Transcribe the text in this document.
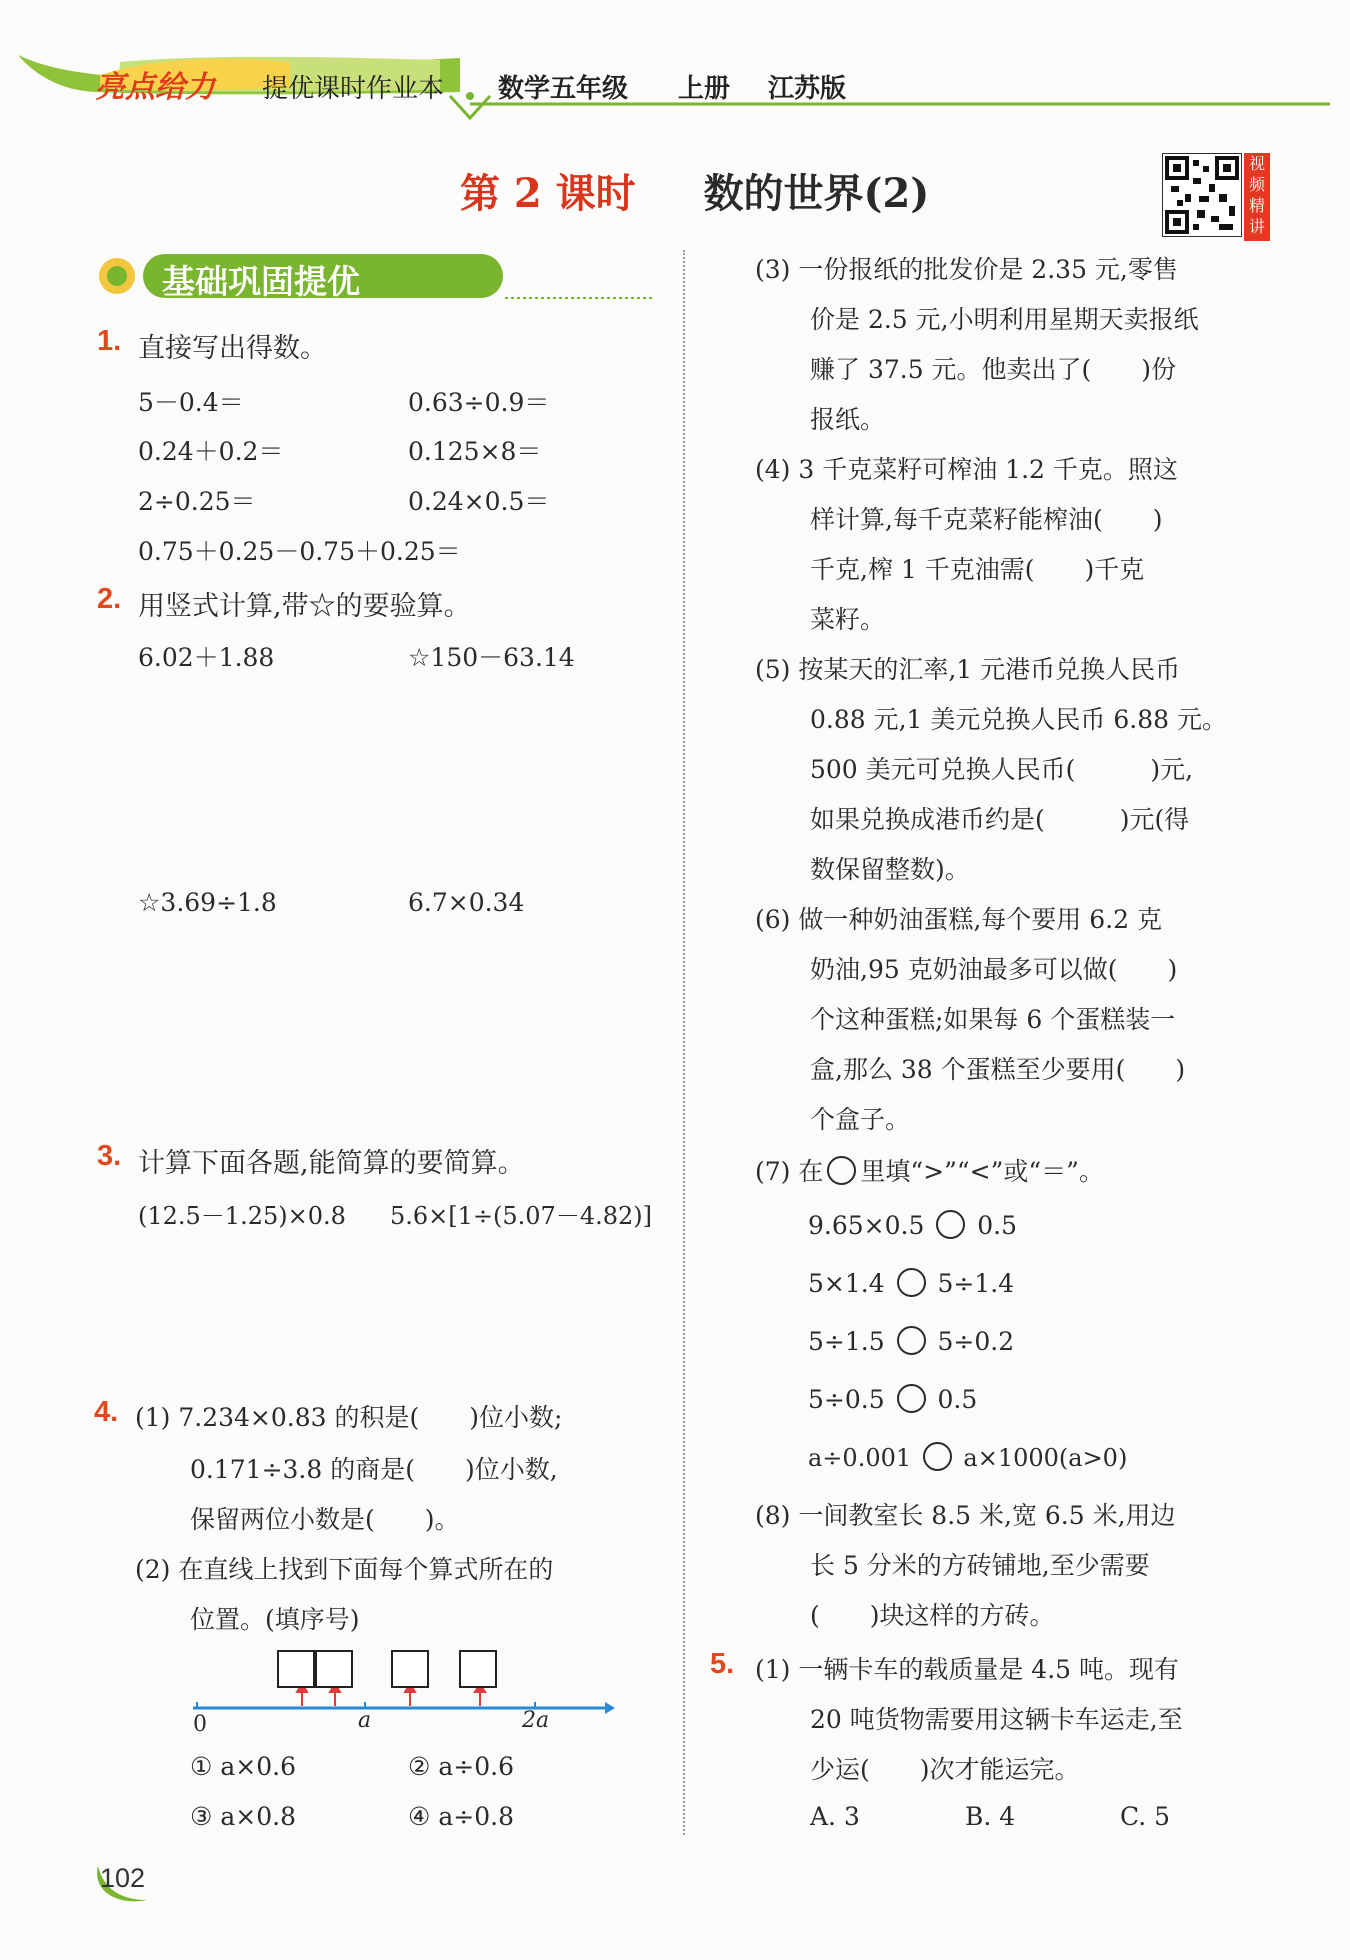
亮点给力 提优课时作业本 数学五年级 上册 江苏版
第 2 课时 数的世界(2)
视频精讲
基础巩固提优
1. 直接写出得数。
5－0.4＝	0.63÷0.9＝
0.24＋0.2＝	0.125×8＝
2÷0.25＝	0.24×0.5＝
0.75＋0.25－0.75＋0.25＝
2. 用竖式计算,带☆的要验算。
6.02＋1.88	☆150－63.14
☆3.69÷1.8	6.7×0.34
3. 计算下面各题,能简算的要简算。
(12.5－1.25)×0.8 5.6×[1÷(5.07－4.82)]
4. (1) 7.234×0.83 的积是(　　)位小数;
0.171÷3.8 的商是(　　)位小数,
保留两位小数是(　　)。
(2) 在直线上找到下面每个算式所在的
位置。(填序号)
0	a	2a
① a×0.6	② a÷0.6
③ a×0.8	④ a÷0.8
(3) 一份报纸的批发价是 2.35 元,零售
价是 2.5 元,小明利用星期天卖报纸
赚了 37.5 元。他卖出了(　　)份
报纸。
(4) 3 千克菜籽可榨油 1.2 千克。照这
样计算,每千克菜籽能榨油(　　)
千克,榨 1 千克油需(　　)千克
菜籽。
(5) 按某天的汇率,1 元港币兑换人民币
0.88 元,1 美元兑换人民币 6.88 元。
500 美元可兑换人民币(　　　)元,
如果兑换成港币约是(　　　)元(得
数保留整数)。
(6) 做一种奶油蛋糕,每个要用 6.2 克
奶油,95 克奶油最多可以做(　　)
个这种蛋糕;如果每 6 个蛋糕装一
盒,那么 38 个蛋糕至少要用(　　)
个盒子。
(7) 在 里填“>”“<”或“＝”。
9.65×0.5 0.5
5×1.4 5÷1.4
5÷1.5 5÷0.2
5÷0.5 0.5
a÷0.001 a×1000(a>0)
(8) 一间教室长 8.5 米,宽 6.5 米,用边
长 5 分米的方砖铺地,至少需要
(　　)块这样的方砖。
5. (1) 一辆卡车的载质量是 4.5 吨。现有
20 吨货物需要用这辆卡车运走,至
少运(　　)次才能运完。
A. 3	B. 4	C. 5
102
